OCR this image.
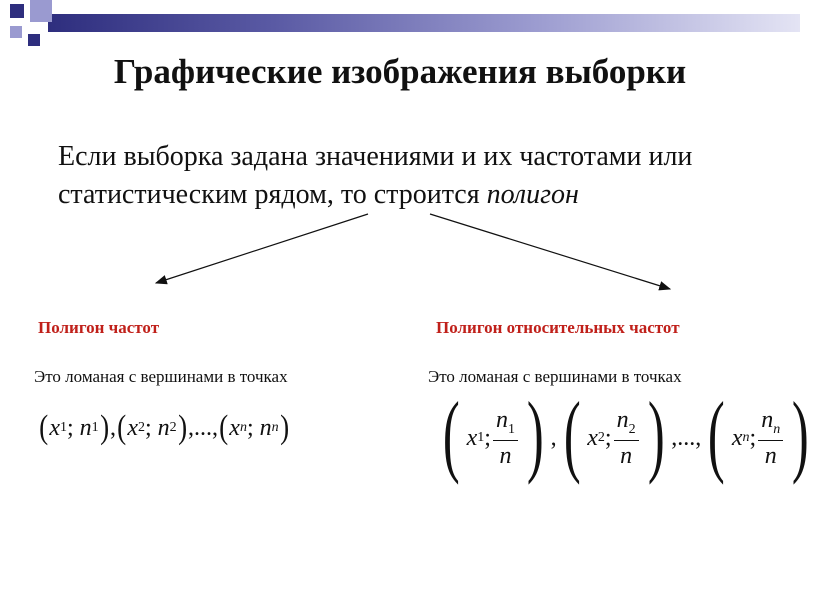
Графические изображения выборки
Если выборка задана значениями и их частотами или статистическим рядом, то строится полигон
Полигон частот
Это ломаная с вершинами в точках
( x 1 ;
n 1 ) , ( x 2 ;
n 2 ) , ..., ( x n ;
n n )
Полигон относительных частот
Это ломаная с вершинами в точках
( x 1 ; $\frac{n_1}{n}$ ) , ( x 2 ; $\frac{n_2}{n}$ ) , ..., ( x n ; $\frac{n_n}{n}$ )
